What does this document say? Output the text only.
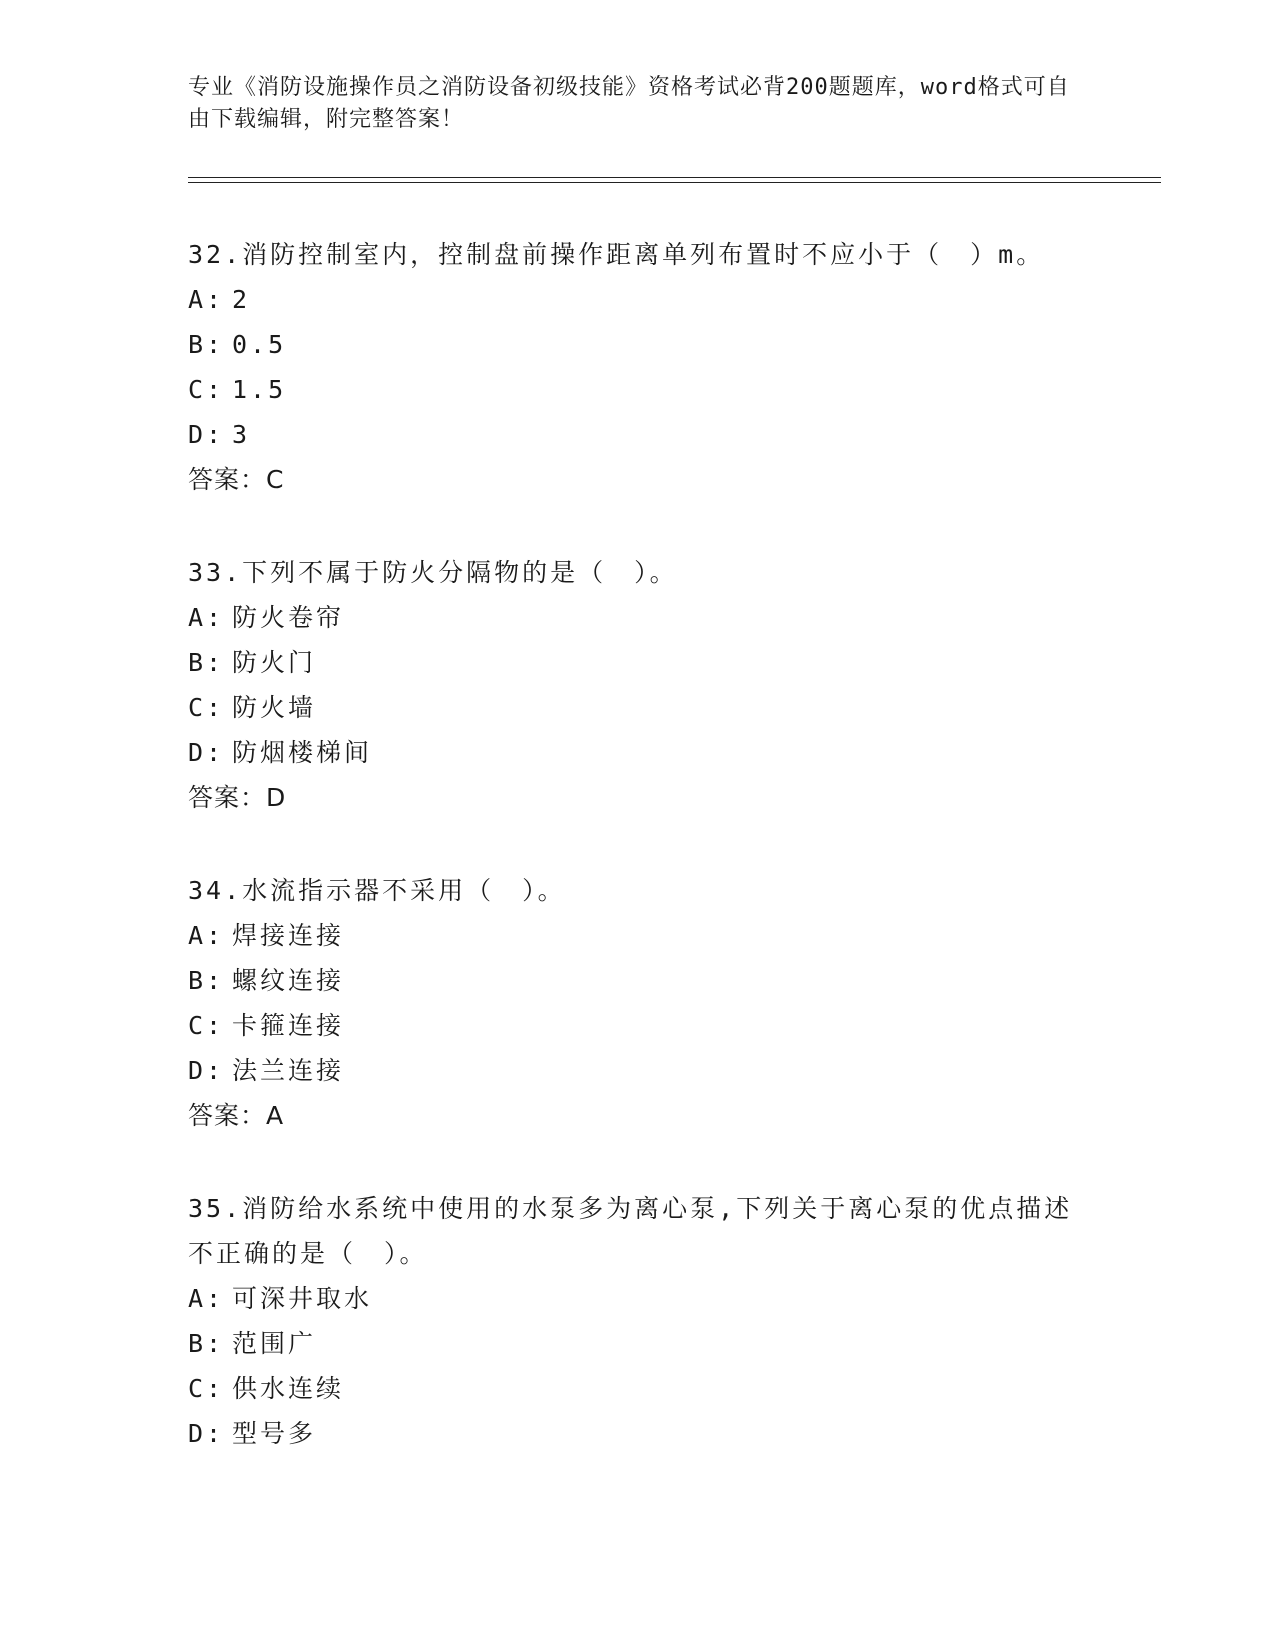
专业《消防设施操作员之消防设备初级技能》资格考试必背200题题库，word格式可自由下载编辑，附完整答案！
32.消防控制室内，控制盘前操作距离单列布置时不应小于（　）m。
A: 2
B: 0.5
C: 1.5
D: 3
答案：C
33.下列不属于防火分隔物的是（　）。
A: 防火卷帘
B: 防火门
C: 防火墙
D: 防烟楼梯间
答案：D
34.水流指示器不采用（　）。
A: 焊接连接
B: 螺纹连接
C: 卡箍连接
D: 法兰连接
答案：A
35.消防给水系统中使用的水泵多为离心泵,下列关于离心泵的优点描述不正确的是（　）。
A: 可深井取水
B: 范围广
C: 供水连续
D: 型号多
